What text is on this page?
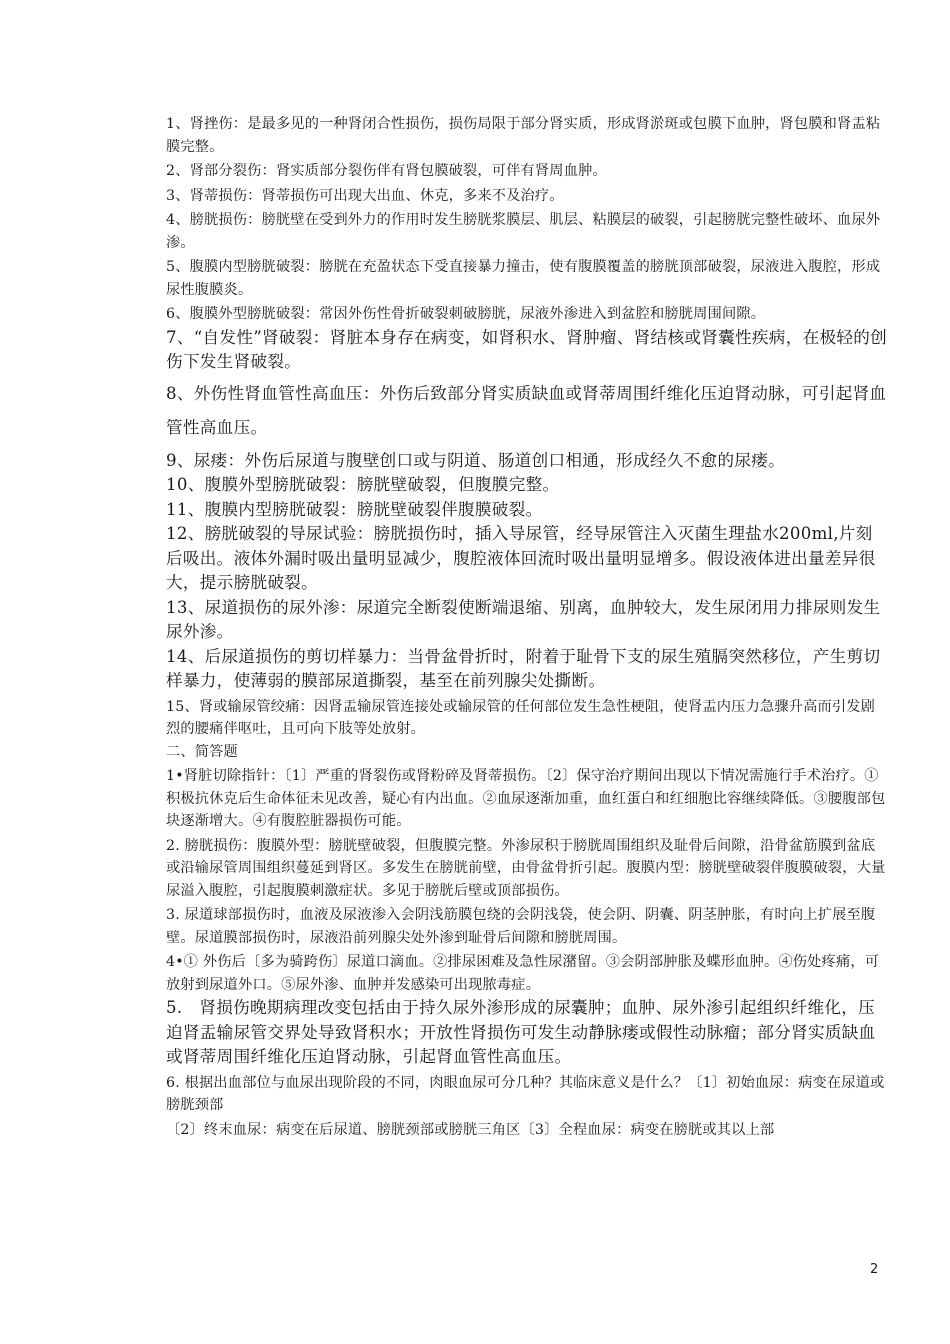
1、肾挫伤：是最多见的一种肾闭合性损伤，损伤局限于部分肾实质，形成肾淤斑或包膜下血肿，肾包膜和肾盂粘膜完整。

2、肾部分裂伤：肾实质部分裂伤伴有肾包膜破裂，可伴有肾周血肿。

3、肾蒂损伤：肾蒂损伤可出现大出血、休克，多来不及治疗。

4、膀胱损伤：膀胱壁在受到外力的作用时发生膀胱浆膜层、肌层、粘膜层的破裂，引起膀胱完整性破坏、血尿外渗。

5、腹膜内型膀胱破裂：膀胱在充盈状态下受直接暴力撞击，使有腹膜覆盖的膀胱顶部破裂，尿液进入腹腔，形成尿性腹膜炎。

6、腹膜外型膀胱破裂：常因外伤性骨折破裂刺破膀胱，尿液外渗进入到盆腔和膀胱周围间隙。

7、“自发性”肾破裂：肾脏本身存在病变，如肾积水、肾肿瘤、肾结核或肾囊性疾病，在极轻的创伤下发生肾破裂。

8、外伤性肾血管性高血压：外伤后致部分肾实质缺血或肾蒂周围纤维化压迫肾动脉，可引起肾血管性高血压。

9、尿瘘：外伤后尿道与腹壁创口或与阴道、肠道创口相通，形成经久不愈的尿瘘。

10、腹膜外型膀胱破裂：膀胱壁破裂，但腹膜完整。

11、腹膜内型膀胱破裂：膀胱壁破裂伴腹膜破裂。

12、膀胱破裂的导尿试验：膀胱损伤时，插入导尿管，经导尿管注入灭菌生理盐水200ml,片刻后吸出。液体外漏时吸出量明显减少，腹腔液体回流时吸出量明显增多。假设液体进出量差异很大，提示膀胱破裂。

13、尿道损伤的尿外渗：尿道完全断裂使断端退缩、别离，血肿较大，发生尿闭用力排尿则发生尿外渗。

14、后尿道损伤的剪切样暴力：当骨盆骨折时，附着于耻骨下支的尿生殖膈突然移位，产生剪切样暴力，使薄弱的膜部尿道撕裂，基至在前列腺尖处撕断。

15、肾或输尿管绞痛：因肾盂输尿管连接处或输尿管的任何部位发生急性梗阻，使肾盂内压力急骤升高而引发剧烈的腰痛伴呕吐，且可向下肢等处放射。

二、简答题

1•肾脏切除指针：〔1〕严重的肾裂伤或肾粉碎及肾蒂损伤。〔2〕保守治疗期间出现以下情况需施行手术治疗。①积极抗休克后生命体征未见改善，疑心有内出血。②血尿逐渐加重，血红蛋白和红细胞比容继续降低。③腰腹部包块逐渐增大。④有腹腔脏器损伤可能。

2. 膀胱损伤：腹膜外型：膀胱壁破裂，但腹膜完整。外渗尿积于膀胱周围组织及耻骨后间隙，沿骨盆筋膜到盆底或沿输尿管周围组织蔓延到肾区。多发生在膀胱前壁，由骨盆骨折引起。腹膜内型：膀胱壁破裂伴腹膜破裂，大量尿溢入腹腔，引起腹膜刺激症状。多见于膀胱后壁或顶部损伤。

3. 尿道球部损伤时，血液及尿液渗入会阴浅筋膜包绕的会阴浅袋，使会阴、阴囊、阴茎肿胀，有时向上扩展至腹壁。尿道膜部损伤时，尿液沿前列腺尖处外渗到耻骨后间隙和膀胱周围。

4•① 外伤后〔多为骑跨伤〕尿道口滴血。②排尿困难及急性尿潴留。③会阴部肿胀及蝶形血肿。④伤处疼痛，可放射到尿道外口。⑤尿外渗、血肿并发感染可出现脓毒症。

5.　肾损伤晚期病理改变包括由于持久尿外渗形成的尿囊肿；血肿、尿外渗引起组织纤维化，压迫肾盂输尿管交界处导致肾积水；开放性肾损伤可发生动静脉瘘或假性动脉瘤；部分肾实质缺血或肾蒂周围纤维化压迫肾动脉，引起肾血管性高血压。

6. 根据出血部位与血尿出现阶段的不同，肉眼血尿可分几种？其临床意义是什么？〔1〕初始血尿：病变在尿道或膀胱颈部

〔2〕终末血尿：病变在后尿道、膀胱颈部或膀胱三角区〔3〕全程血尿：病变在膀胱或其以上部

2
